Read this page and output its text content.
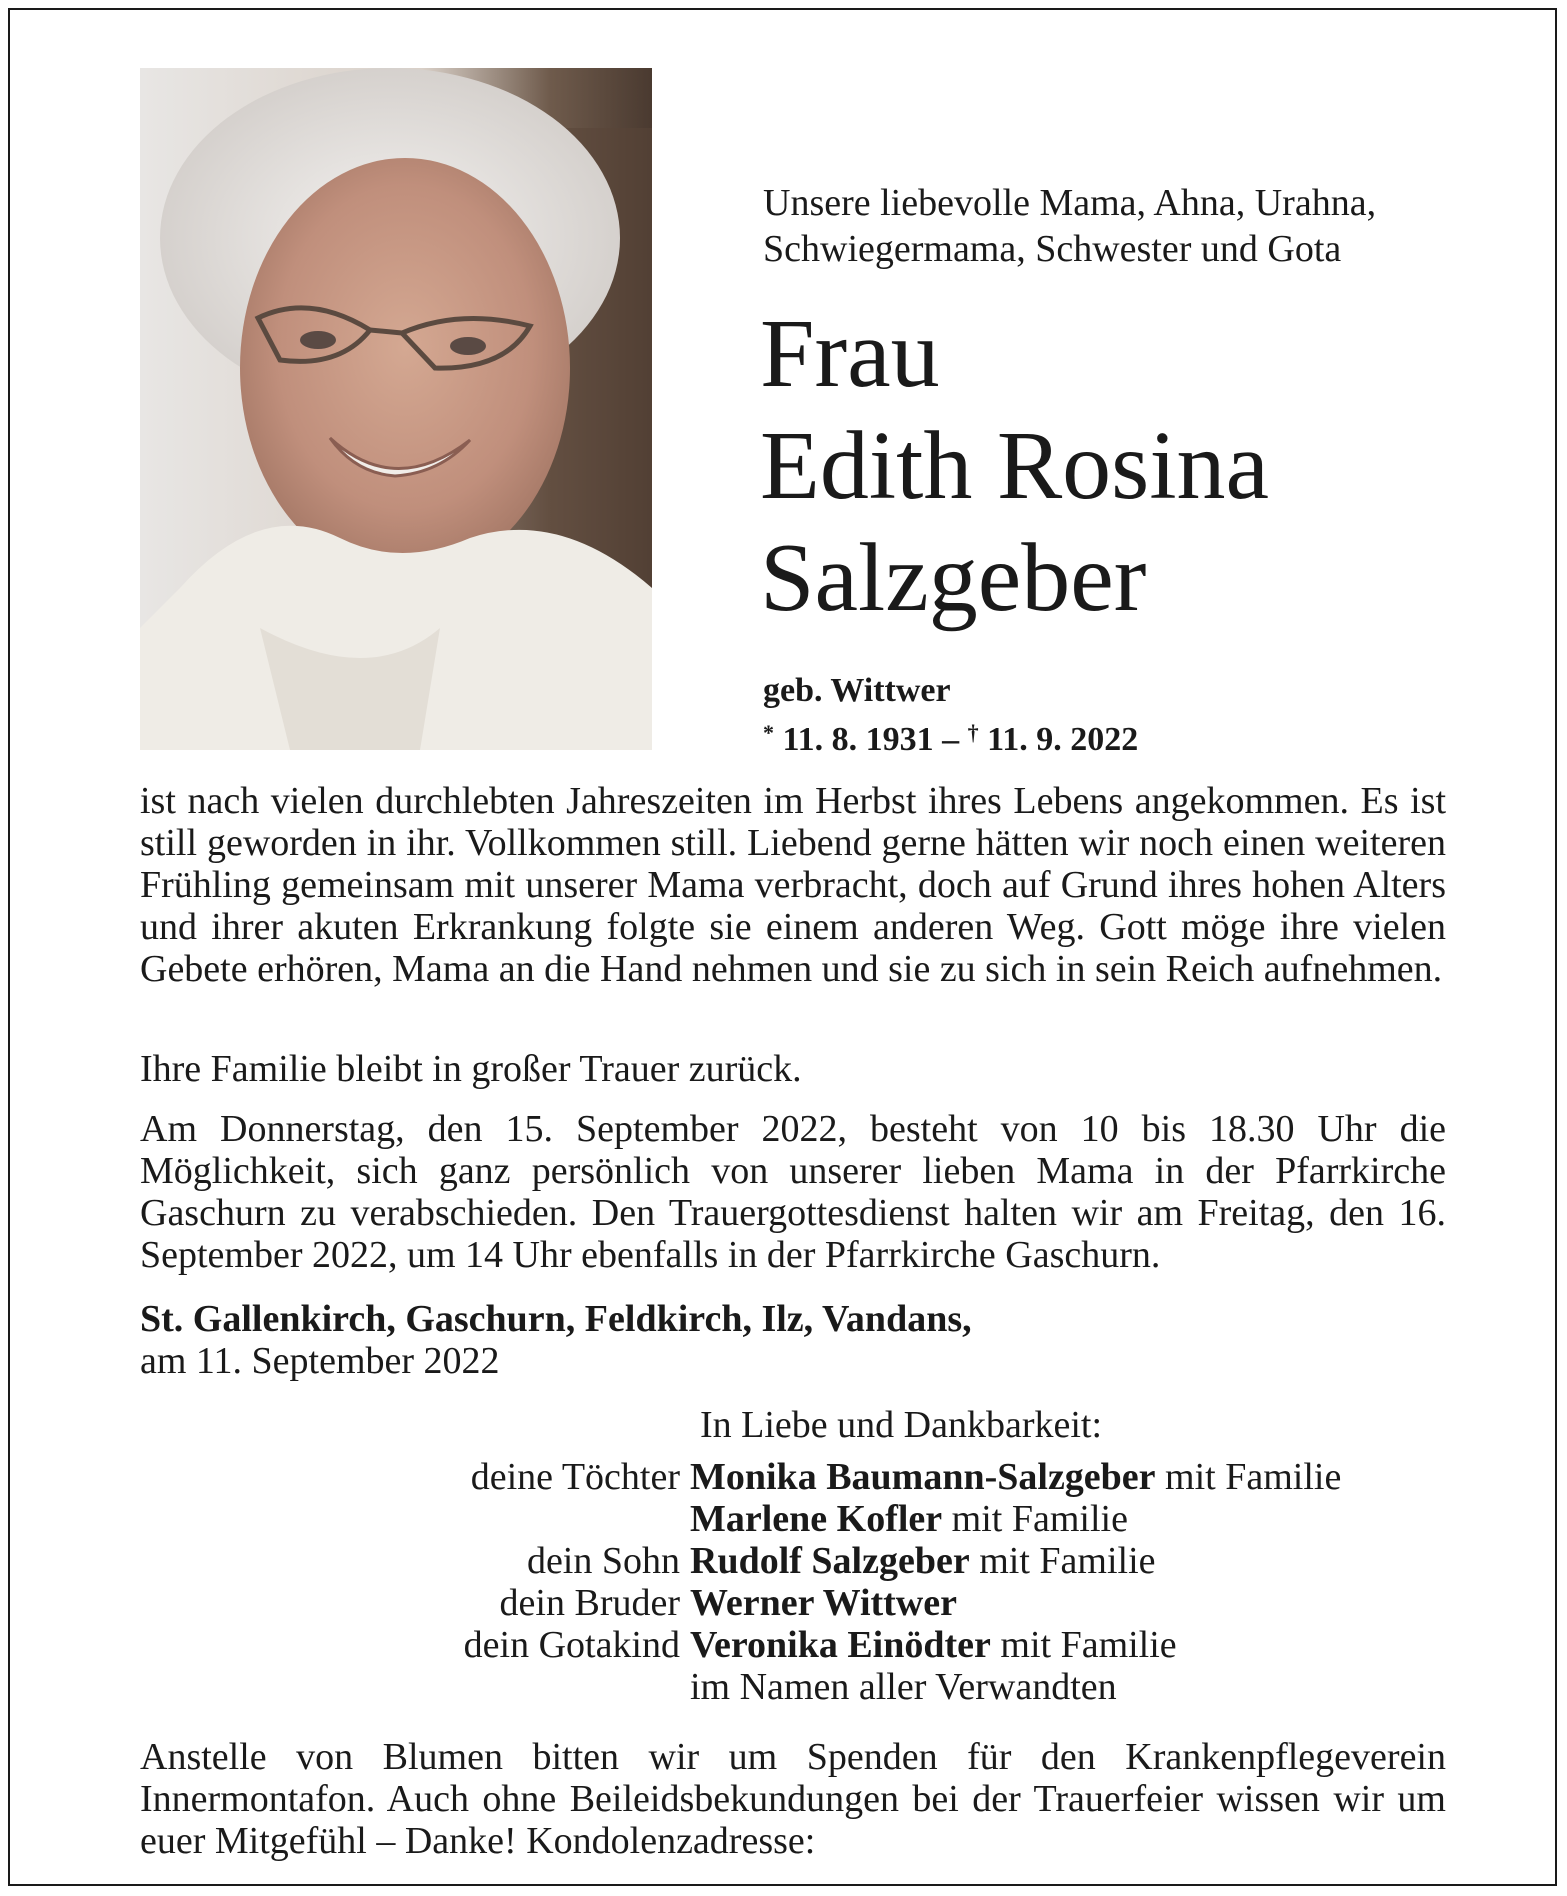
Unsere liebevolle Mama, Ahna, Urahna,
Schwiegermama, Schwester und Gota
Frau
Edith Rosina
Salzgeber
geb. Wittwer
* 11. 8. 1931 – † 11. 9. 2022
ist nach vielen durchlebten Jahreszeiten im Herbst ihres Lebens angekommen. Es ist still geworden in ihr. Vollkommen still. Liebend gerne hätten wir noch einen weiteren Frühling gemeinsam mit unserer Mama verbracht, doch auf Grund ihres hohen Alters und ihrer akuten Erkrankung folgte sie einem anderen Weg. Gott möge ihre vielen Gebete erhören, Mama an die Hand nehmen und sie zu sich in sein Reich aufnehmen.
Ihre Familie bleibt in großer Trauer zurück.
Am Donnerstag, den 15. September 2022, besteht von 10 bis 18.30 Uhr die Möglichkeit, sich ganz persönlich von unserer lieben Mama in der Pfarrkirche Gaschurn zu verabschieden. Den Trauergottesdienst halten wir am Freitag, den 16. September 2022, um 14 Uhr ebenfalls in der Pfarrkirche Gaschurn.
St. Gallenkirch, Gaschurn, Feldkirch, Ilz, Vandans,
am 11. September 2022
In Liebe und Dankbarkeit:
deine Töchter Monika Baumann-Salzgeber mit Familie
Marlene Kofler mit Familie
dein Sohn Rudolf Salzgeber mit Familie
dein Bruder Werner Wittwer
dein Gotakind Veronika Einödter mit Familie
im Namen aller Verwandten
Anstelle von Blumen bitten wir um Spenden für den Krankenpflegeverein Innermontafon. Auch ohne Beileidsbekundungen bei der Trauerfeier wissen wir um euer Mitgefühl – Danke! Kondolenzadresse:
